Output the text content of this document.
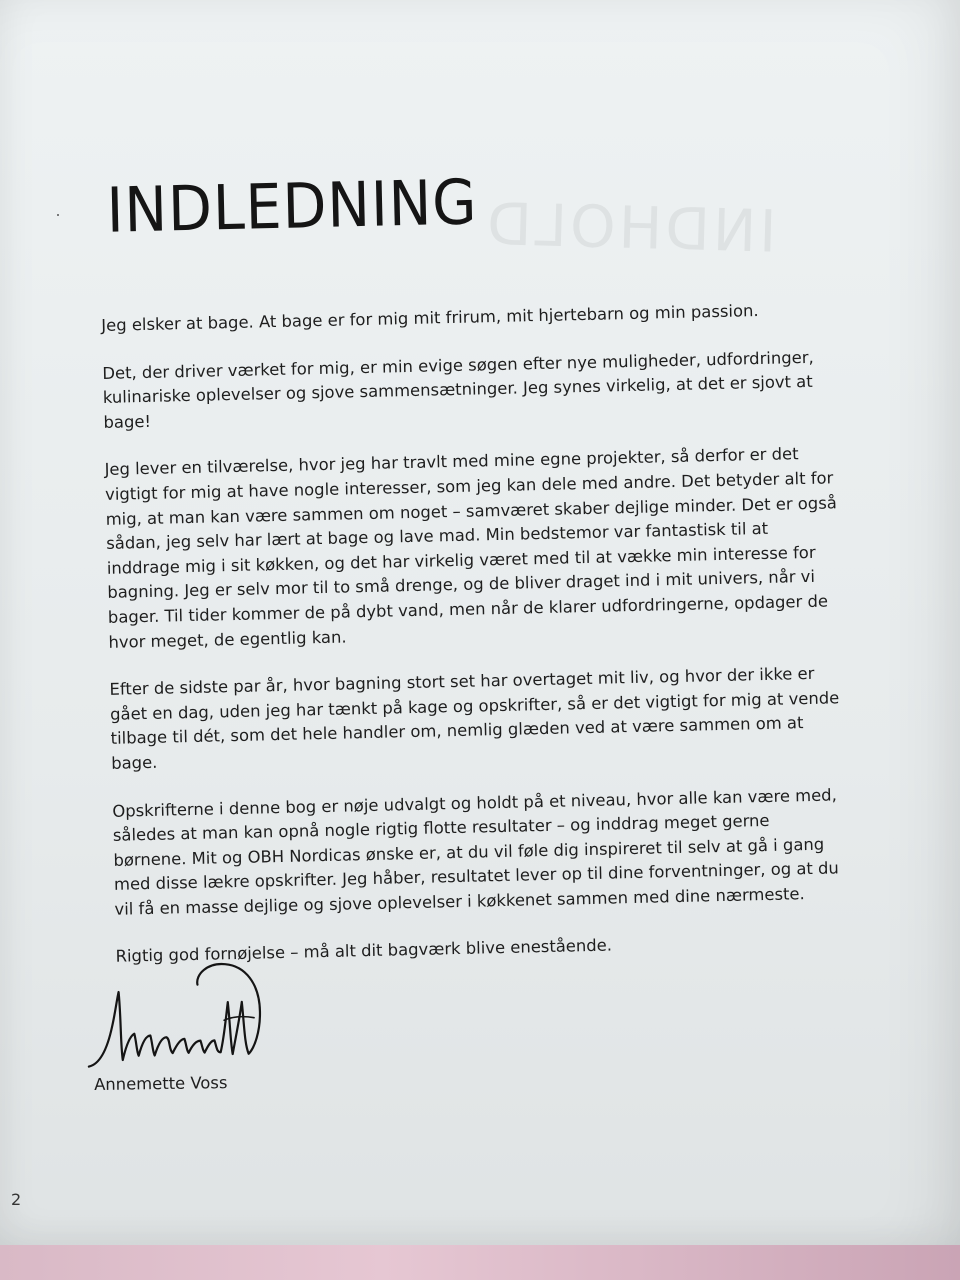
INDHOLD
INDLEDNING

Jeg elsker at bage. At bage er for mig mit frirum, mit hjertebarn og min passion.

Det, der driver værket for mig, er min evige søgen efter nye muligheder, udfordringer, kulinariske oplevelser og sjove sammensætninger. Jeg synes virkelig, at det er sjovt at bage!

Jeg lever en tilværelse, hvor jeg har travlt med mine egne projekter, så derfor er det vigtigt for mig at have nogle interesser, som jeg kan dele med andre. Det betyder alt for mig, at man kan være sammen om noget – samværet skaber dejlige minder. Det er også sådan, jeg selv har lært at bage og lave mad. Min bedstemor var fantastisk til at inddrage mig i sit køkken, og det har virkelig været med til at vække min interesse for bagning. Jeg er selv mor til to små drenge, og de bliver draget ind i mit univers, når vi bager. Til tider kommer de på dybt vand, men når de klarer udfordringerne, opdager de hvor meget, de egentlig kan.

Efter de sidste par år, hvor bagning stort set har overtaget mit liv, og hvor der ikke er gået en dag, uden jeg har tænkt på kage og opskrifter, så er det vigtigt for mig at vende tilbage til dét, som det hele handler om, nemlig glæden ved at være sammen om at bage.

Opskrifterne i denne bog er nøje udvalgt og holdt på et niveau, hvor alle kan være med, således at man kan opnå nogle rigtig flotte resultater – og inddrag meget gerne børnene. Mit og OBH Nordicas ønske er, at du vil føle dig inspireret til selv at gå i gang med disse lækre opskrifter. Jeg håber, resultatet lever op til dine forventninger, og at du vil få en masse dejlige og sjove oplevelser i køkkenet sammen med dine nærmeste.

Rigtig god fornøjelse – må alt dit bagværk blive enestående.

Annemette Voss
2
